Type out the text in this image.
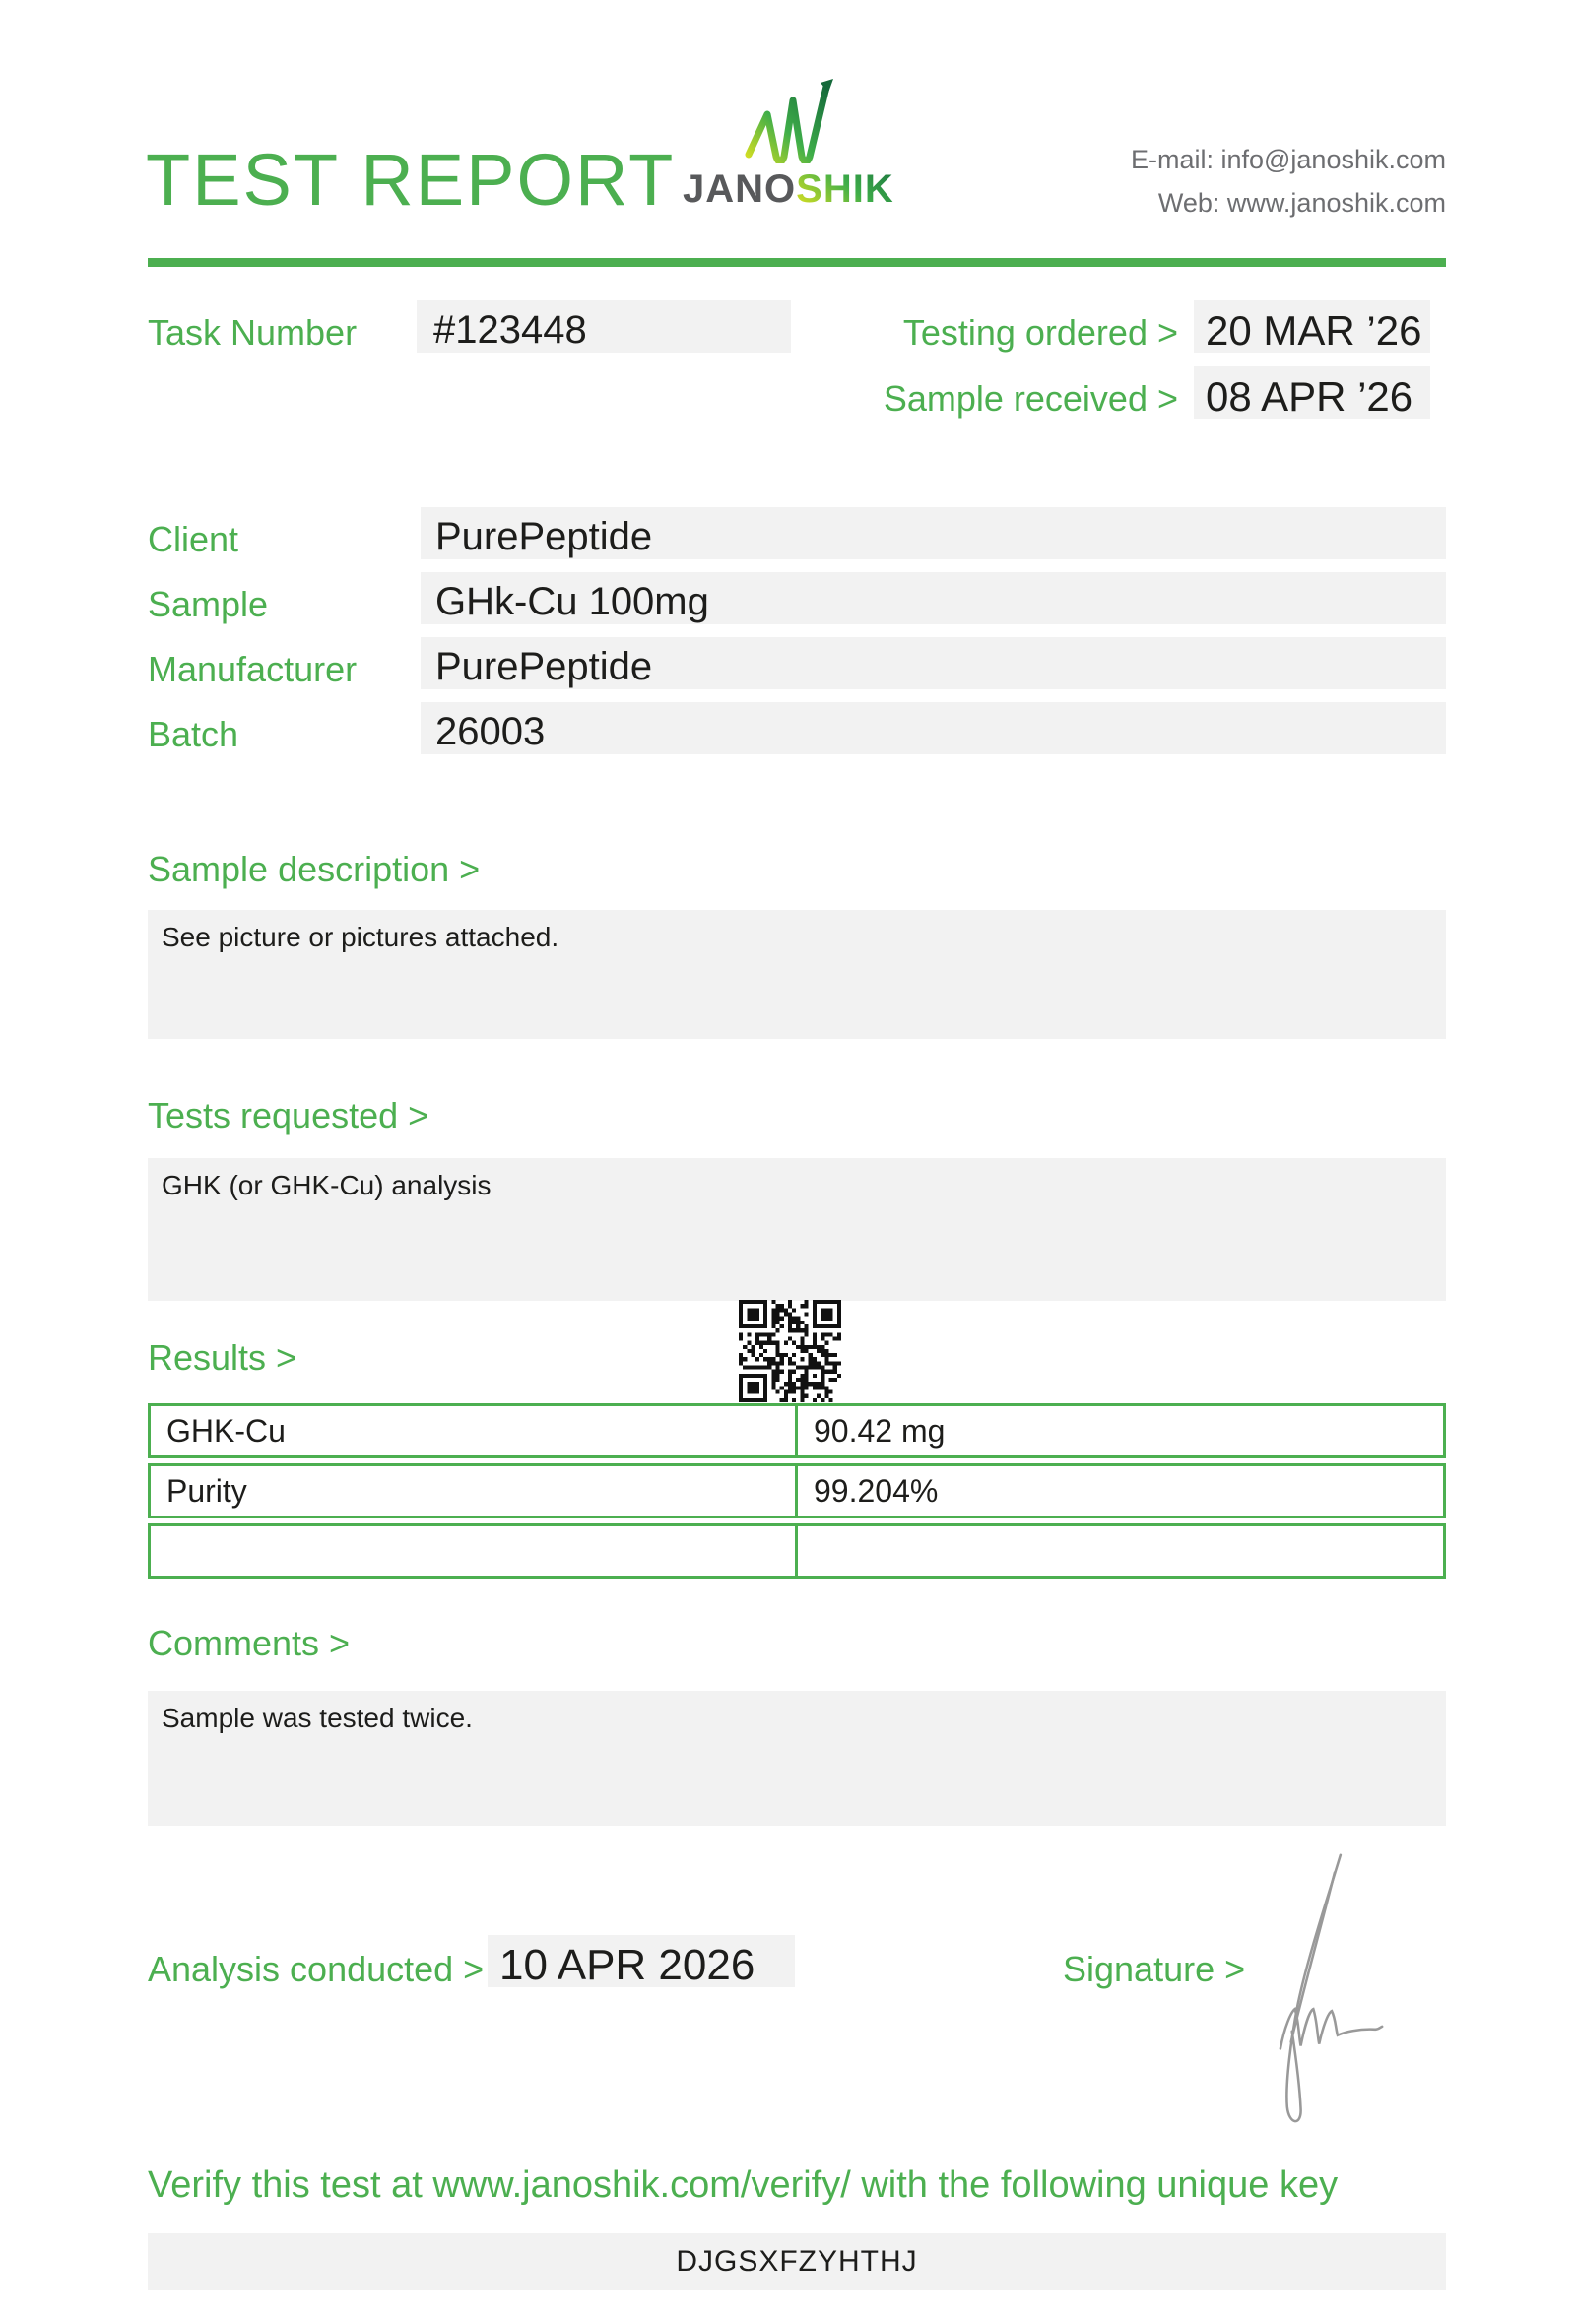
TEST REPORT JANOSHIK
E-mail: info@janoshik.com
Web: www.janoshik.com
Task Number #123448	Testing ordered > 20 MAR ’26
Sample received > 08 APR ’26
Client	PurePeptide
Sample	GHk-Cu 100mg
Manufacturer PurePeptide
Batch	26003
Sample description >
See picture or pictures attached.
Tests requested >
GHK (or GHK-Cu) analysis
Results >
GHK-Cu	90.42 mg
Purity	99.204%
Comments >
Sample was tested twice.
Analysis conducted > 10 APR 2026	Signature >
Verify this test at www.janoshik.com/verify/ with the following unique key
DJGSXFZYHTHJ
